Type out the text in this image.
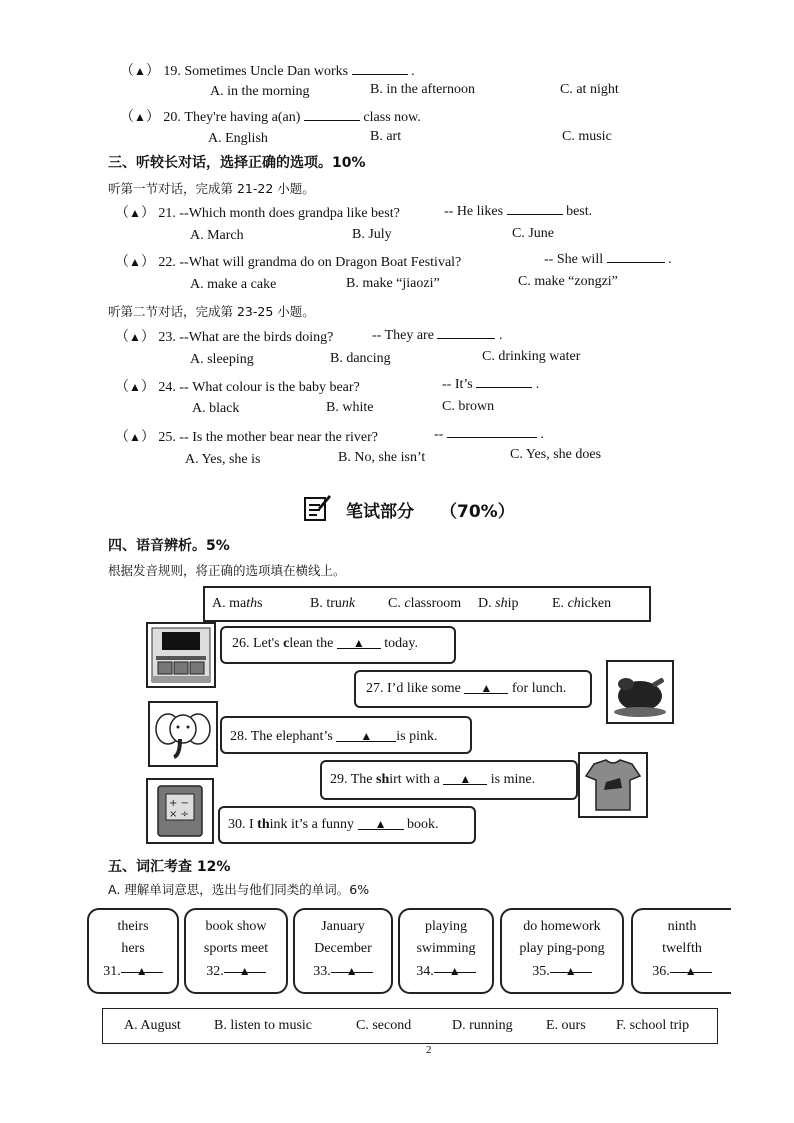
（▲） 19. Sometimes Uncle Dan works	.
A. in the morning	B. in the afternoon	C. at night
（▲） 20. They're having a(an)	class now.
A. English	B. art	C. music
三、听较长对话，选择正确的选项。10%
听第一节对话，完成第 21-22 小题。
（▲） 21. --Which month does grandpa like best?	-- He likes	best.
A. March	B. July	C. June
（▲） 22. --What will grandma do on Dragon Boat Festival?	-- She will	.
A. make a cake	B. make “jiaozi”	C. make “zongzi”
听第二节对话，完成第 23-25 小题。
（▲） 23. --What are the birds doing?	-- They are	.
A. sleeping	B. dancing	C. drinking water
（▲） 24. -- What colour is the baby bear?	-- It’s	.
A. black	B. white	C. brown
（▲） 25. -- Is the mother bear near the river?	--	.
A. Yes, she is	B. No, she isn’t	C. Yes, she does
笔试部分 （70%）
四、语音辨析。5%
根据发音规则，将正确的选项填在横线上。
A. maths	B. trunk C. classroom D. ship E. chicken
26. Let's clean the ▲ today.
27. I’d like some ▲ for lunch.
28. The elephant’s ▲ is pink.
29. The shirt with a ▲ is mine.
+ −
× ÷
30. I think it’s a funny ▲ book.
五、词汇考查 12%
A. 理解单词意思，选出与他们同类的单词。6%
theirs
hers
31. ▲
book show
sports meet
32. ▲
January
December
33. ▲
playing
swimming
34. ▲
do homework
play ping-pong
35. ▲
ninth
twelfth
36. ▲
A. August B. listen to music	C. second	D. running E. ours F. school trip
2
